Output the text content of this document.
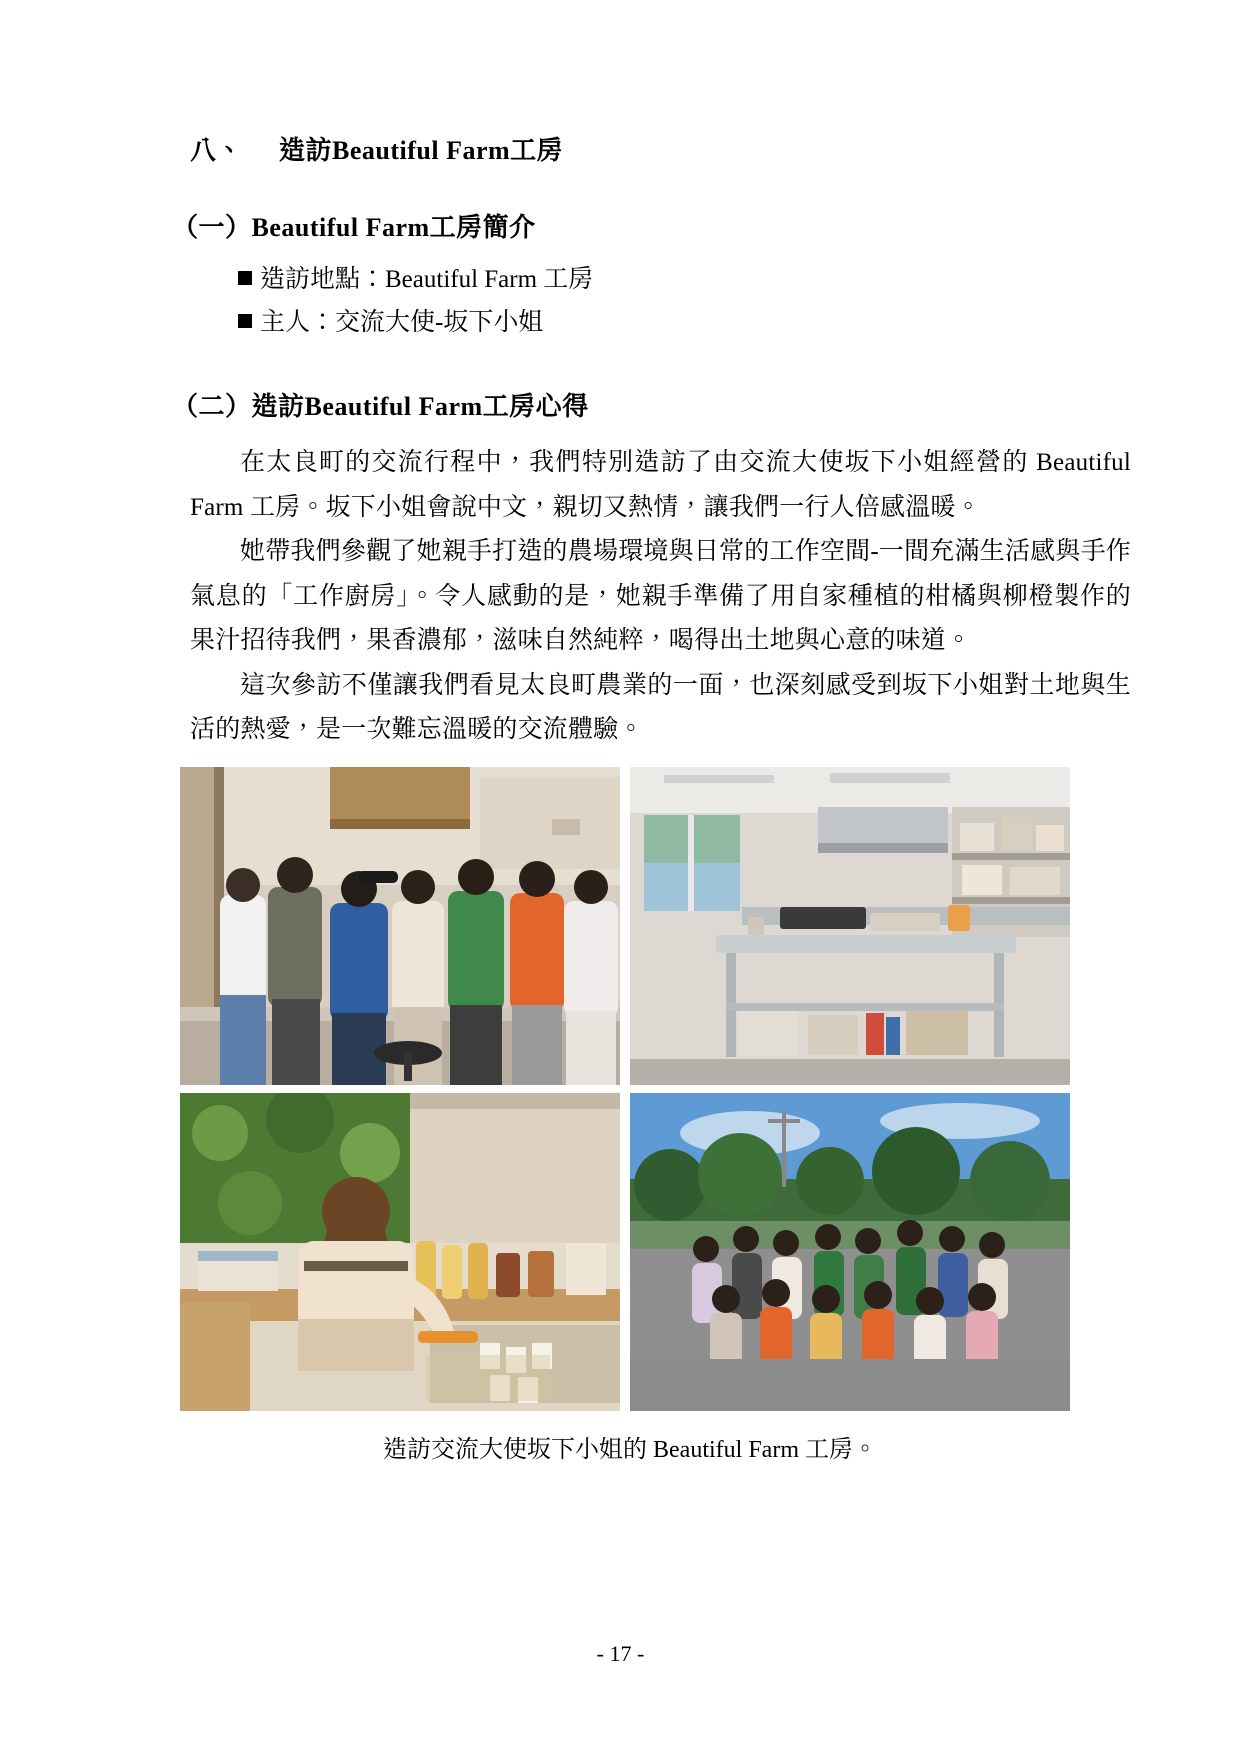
八、 造訪Beautiful Farm工房
（一）Beautiful Farm工房簡介
造訪地點：Beautiful Farm 工房
主人：交流大使-坂下小姐
（二）造訪Beautiful Farm工房心得

在太良町的交流行程中，我們特別造訪了由交流大使坂下小姐經營的 Beautiful Farm 工房。坂下小姐會說中文，親切又熱情，讓我們一行人倍感溫暖。

她帶我們參觀了她親手打造的農場環境與日常的工作空間-一間充滿生活感與手作氣息的「工作廚房」。令人感動的是，她親手準備了用自家種植的柑橘與柳橙製作的果汁招待我們，果香濃郁，滋味自然純粹，喝得出土地與心意的味道。

這次參訪不僅讓我們看見太良町農業的一面，也深刻感受到坂下小姐對土地與生活的熱愛，是一次難忘溫暖的交流體驗。

造訪交流大使坂下小姐的 Beautiful Farm 工房。
- 17 -
